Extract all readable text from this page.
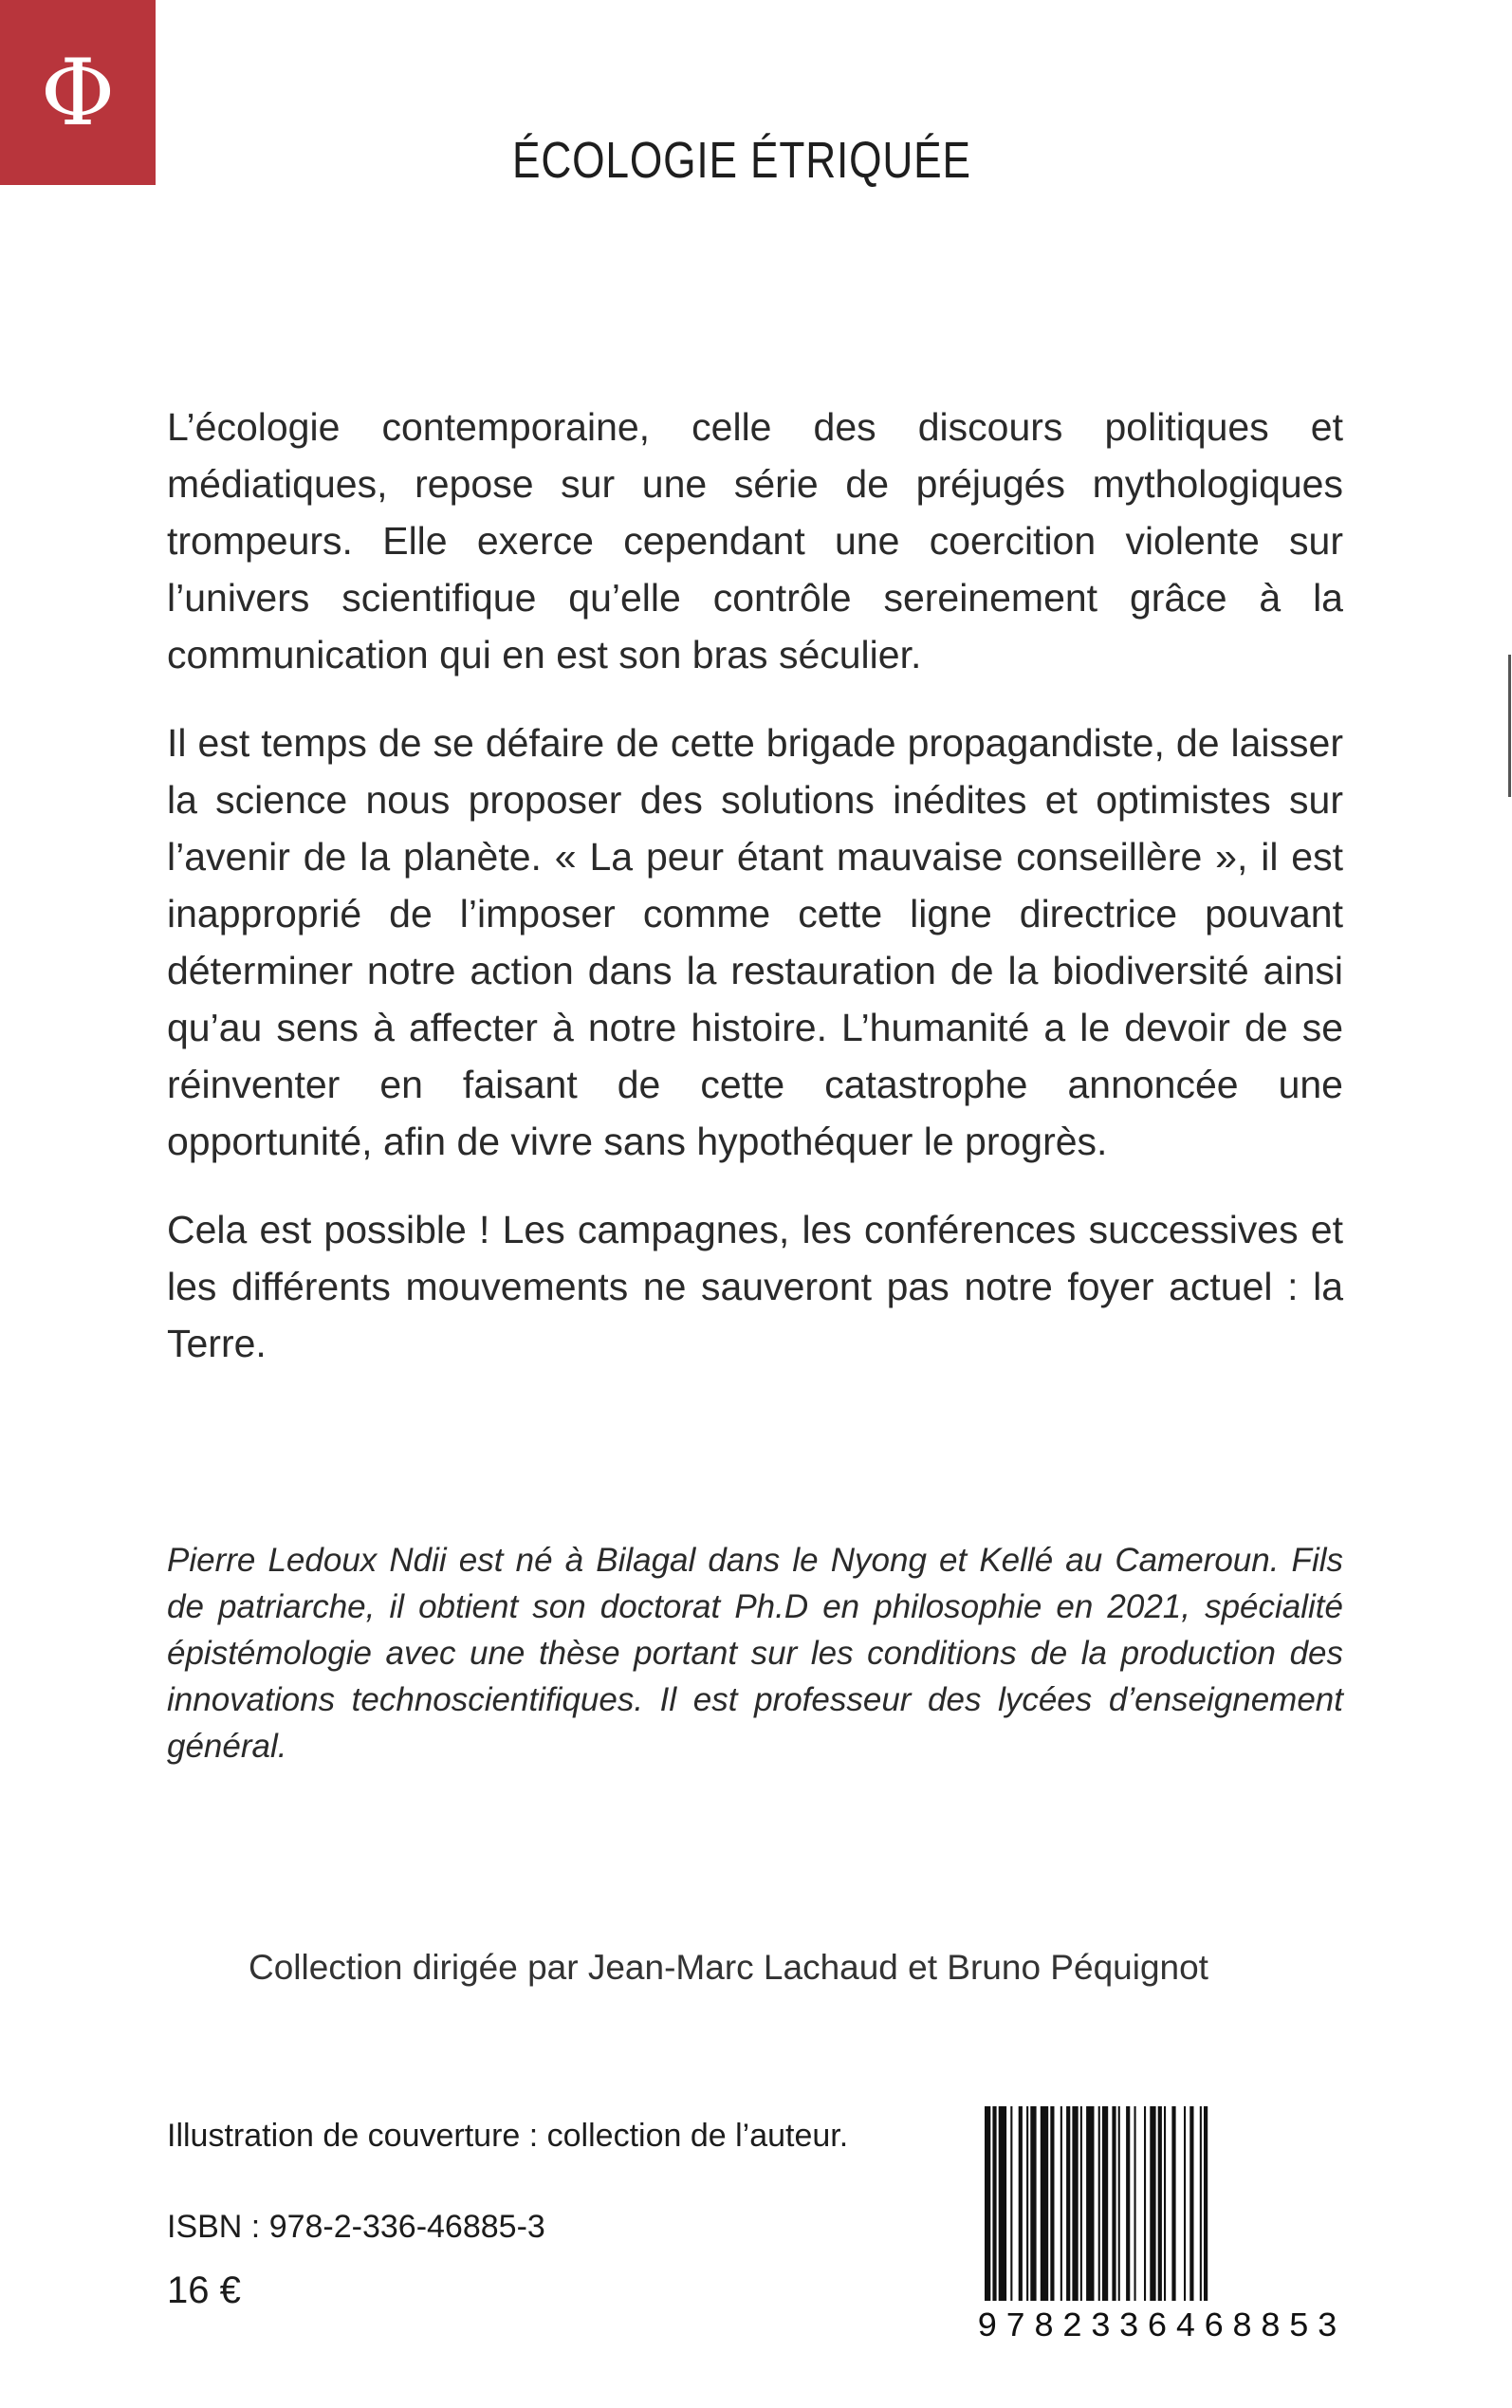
Φ
ÉCOLOGIE ÉTRIQUÉE

L’écologie contemporaine, celle des discours politiques et médiatiques, repose sur une série de préjugés mythologiques trompeurs. Elle exerce cependant une coercition violente sur l’univers scientifique qu’elle contrôle sereinement grâce à la communication qui en est son bras séculier.

Il est temps de se défaire de cette brigade propagandiste, de laisser la science nous proposer des solutions inédites et optimistes sur l’avenir de la planète. « La peur étant mauvaise conseillère », il est inapproprié de l’imposer comme cette ligne directrice pouvant déterminer notre action dans la restauration de la biodiversité ainsi qu’au sens à affecter à notre histoire. L’humanité a le devoir de se réinventer en faisant de cette catastrophe annoncée une opportunité, afin de vivre sans hypothéquer le progrès.

Cela est possible ! Les campagnes, les conférences successives et les différents mouvements ne sauveront pas notre foyer actuel : la Terre.

Pierre Ledoux Ndii est né à Bilagal dans le Nyong et Kellé au Cameroun. Fils de patriarche, il obtient son doctorat Ph.D en philosophie en 2021, spécialité épistémologie avec une thèse portant sur les conditions de la production des innovations technoscientifiques. Il est professeur des lycées d’enseignement général.
Collection dirigée par Jean-Marc Lachaud et Bruno Péquignot
Illustration de couverture : collection de l’auteur.
ISBN : 978-2-336-46885-3
16 €
9 7 8 2 3 3 6 4 6 8 8 5 3
